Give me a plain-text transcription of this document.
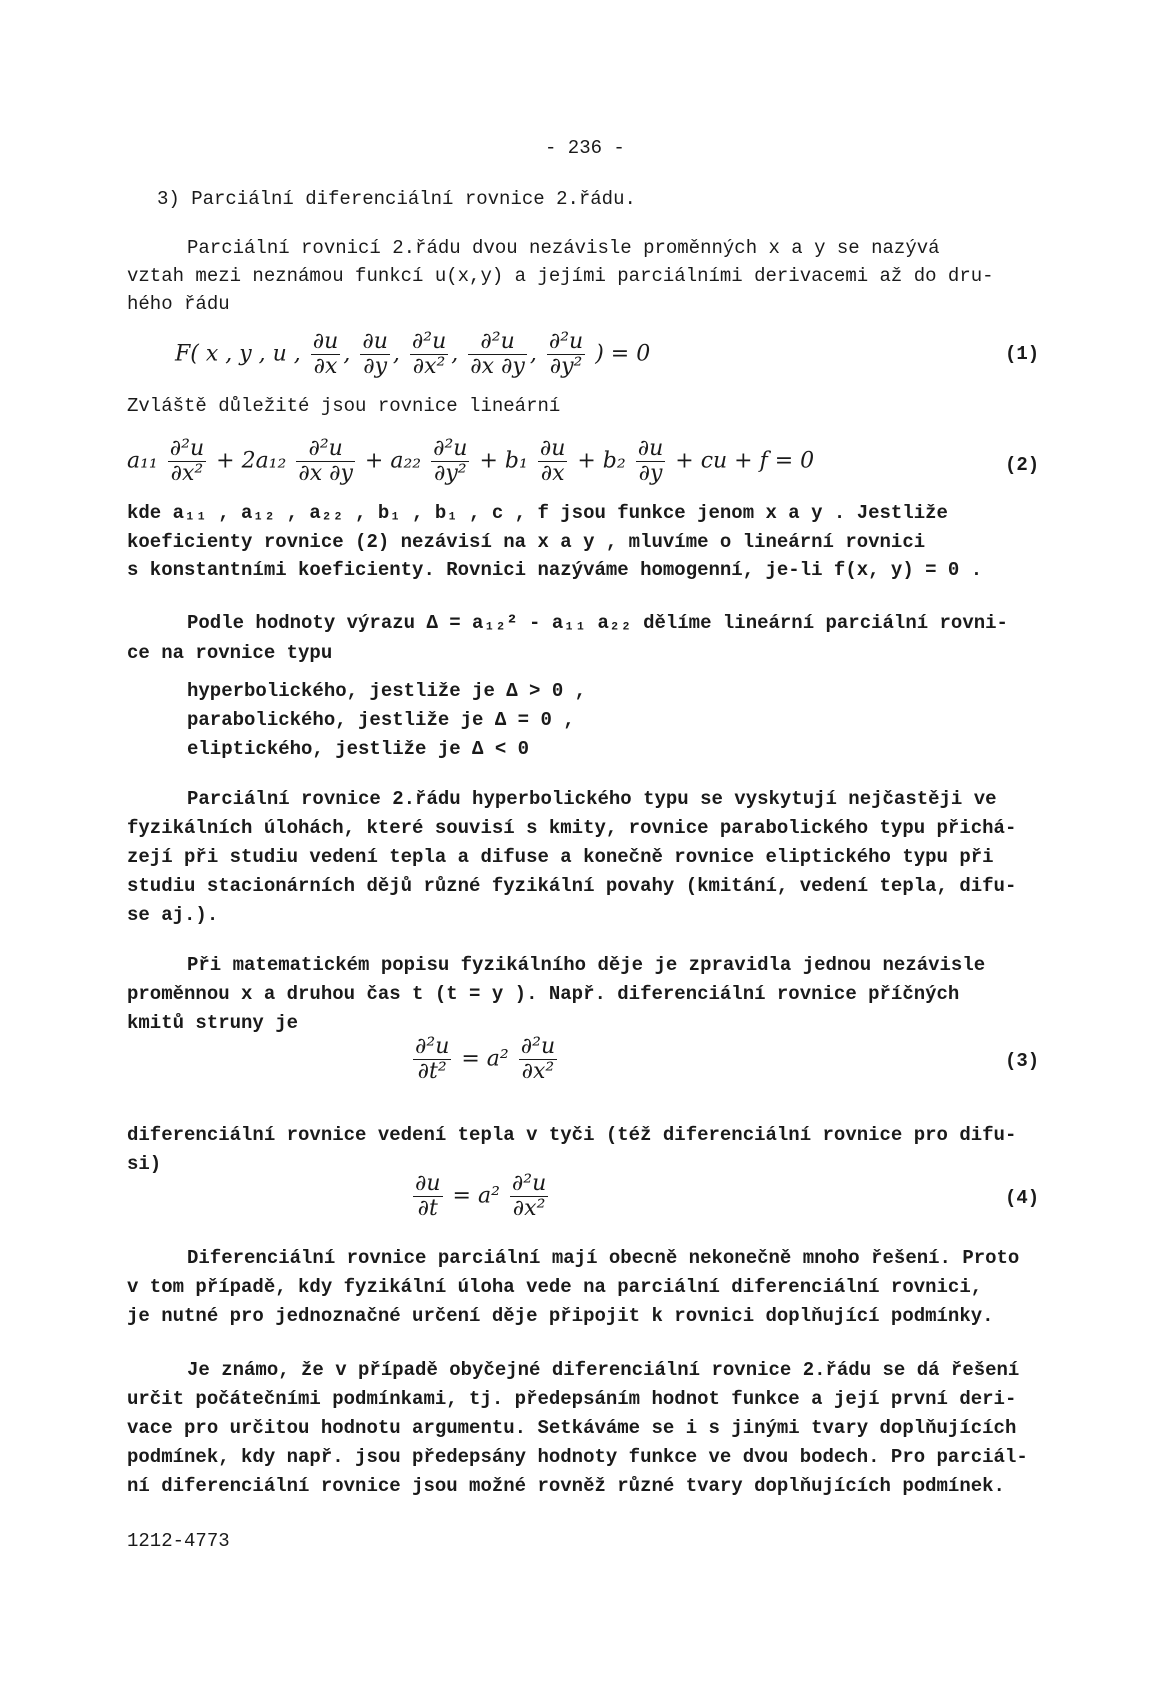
- 236 -

3) Parciální diferenciální rovnice 2.řádu.

Parciální rovnicí 2.řádu dvou nezávisle proměnných x a y se nazývá

vztah mezi neznámou funkcí u(x,y) a jejími parciálními derivacemi až do dru-

hého řádu

F( x , y , u , $\frac{\partial u}{\partial x}$ , $\frac{\partial u}{\partial y}$ , $\frac{\text{∂²u}}{\text{∂x²}}$ , $\frac{\text{∂²u}}{\partial x \partial y}$ , $\frac{\text{∂²u}}{\text{∂y²}}$ ) = 0	(1)

Zvláště důležité jsou rovnice lineární

$a_{11} \frac{\text{∂²u}}{\text{∂x²}} + 2a_{12} \frac{\text{∂²u}}{\partial x \partial y} + a_{22} \frac{\text{∂²u}}{\text{∂y²}} + b_1 \frac{\partial u}{\partial x} + b_2 \frac{\partial u}{\partial y}$ + cu + f = 0	(2)

kde a₁₁ , a₁₂ , a₂₂ , b₁ , b₁ , c , f jsou funkce jenom x a y . Jestliže

koeficienty rovnice (2) nezávisí na x a y , mluvíme o lineární rovnici

s konstantními koeficienty. Rovnici nazýváme homogenní, je-li f(x, y) = 0 .

Podle hodnoty výrazu Δ = a₁₂² - a₁₁ a₂₂ dělíme lineární parciální rovni-

ce na rovnice typu

hyperbolického, jestliže je Δ > 0 ,

parabolického, jestliže je Δ = 0 ,

eliptického, jestliže je Δ < 0

Parciální rovnice 2.řádu hyperbolického typu se vyskytují nejčastěji ve

fyzikálních úlohách, které souvisí s kmity, rovnice parabolického typu přichá-

zejí při studiu vedení tepla a difuse a konečně rovnice eliptického typu při

studiu stacionárních dějů různé fyzikální povahy (kmitání, vedení tepla, difu-

se aj.).

Při matematickém popisu fyzikálního děje je zpravidla jednou nezávisle

proměnnou x a druhou čas t (t = y ). Např. diferenciální rovnice příčných

kmitů struny je

$\frac{\text{∂²u}}{\text{∂t²}} = a^2 \frac{\text{∂²u}}{\text{∂x²}}$	(3)

diferenciální rovnice vedení tepla v tyči (též diferenciální rovnice pro difu-

si)

$\frac{\partial u}{\partial t} = a^2 \frac{\text{∂²u}}{\text{∂x²}}$	(4)

Diferenciální rovnice parciální mají obecně nekonečně mnoho řešení. Proto

v tom případě, kdy fyzikální úloha vede na parciální diferenciální rovnici,

je nutné pro jednoznačné určení děje připojit k rovnici doplňující podmínky.

Je známo, že v případě obyčejné diferenciální rovnice 2.řádu se dá řešení

určit počátečními podmínkami, tj. předepsáním hodnot funkce a její první deri-

vace pro určitou hodnotu argumentu. Setkáváme se i s jinými tvary doplňujících

podmínek, kdy např. jsou předepsány hodnoty funkce ve dvou bodech. Pro parciál-

ní diferenciální rovnice jsou možné rovněž různé tvary doplňujících podmínek.

1212-4773
